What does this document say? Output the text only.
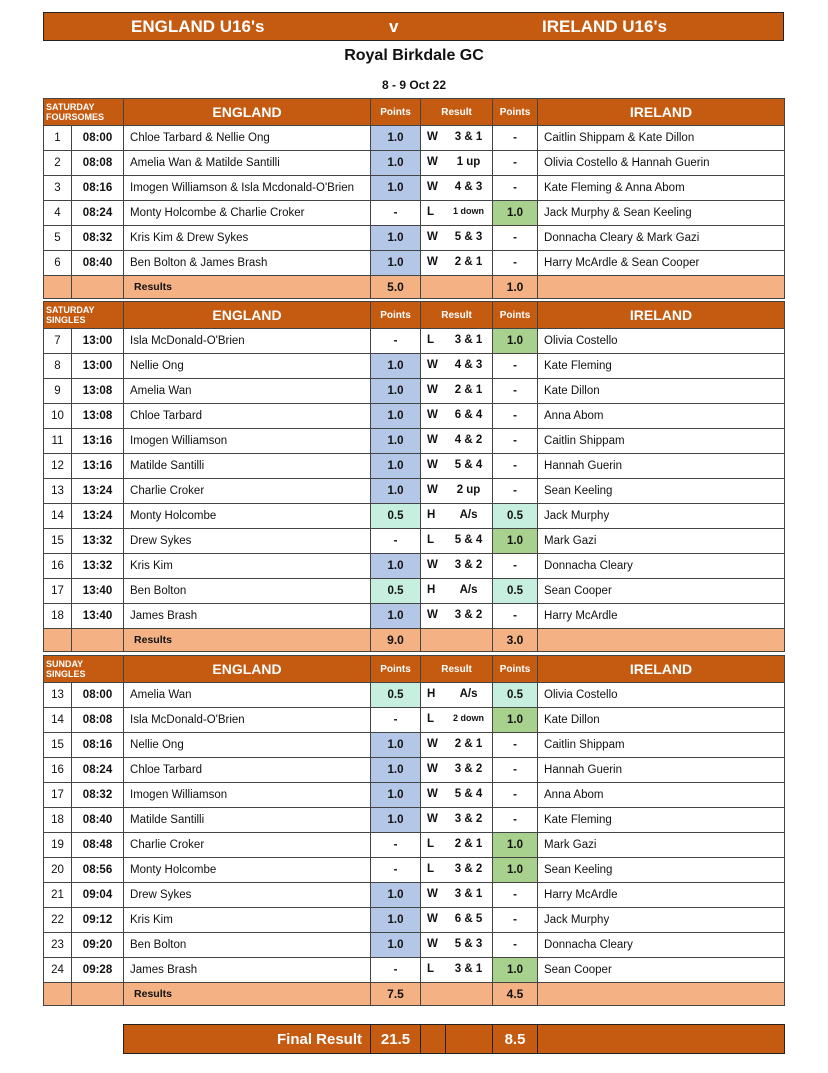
ENGLAND U16's	v	IRELAND U16's
Royal Birkdale GC
8 - 9 Oct 22
SATURDAY
FOURSOMES		ENGLAND	Points	Result	Points	IRELAND
1	08:00	Chloe Tarbard & Nellie Ong	1.0	W 3 & 1	-	Caitlin Shippam & Kate Dillon
2	08:08	Amelia Wan & Matilde Santilli	1.0	W 1 up	-	Olivia Costello & Hannah Guerin
3	08:16	Imogen Williamson & Isla Mcdonald-O'Brien	1.0	W 4 & 3	-	Kate Fleming & Anna Abom
4	08:24	Monty Holcombe & Charlie Croker	-	L 1 down	1.0	Jack Murphy & Sean Keeling
5	08:32	Kris Kim & Drew Sykes	1.0	W 5 & 3	-	Donnacha Cleary & Mark Gazi
6	08:40	Ben Bolton & James Brash	1.0	W 2 & 1	-	Harry McArdle & Sean Cooper
		Results	5.0		1.0	
SATURDAY
SINGLES		ENGLAND	Points	Result	Points	IRELAND
7	13:00	Isla McDonald-O'Brien	-	L 3 & 1	1.0	Olivia Costello
8	13:00	Nellie Ong	1.0	W 4 & 3	-	Kate Fleming
9	13:08	Amelia Wan	1.0	W 2 & 1	-	Kate Dillon
10	13:08	Chloe Tarbard	1.0	W 6 & 4	-	Anna Abom
11	13:16	Imogen Williamson	1.0	W 4 & 2	-	Caitlin Shippam
12	13:16	Matilde Santilli	1.0	W 5 & 4	-	Hannah Guerin
13	13:24	Charlie Croker	1.0	W 2 up	-	Sean Keeling
14	13:24	Monty Holcombe	0.5	H A/s	0.5	Jack Murphy
15	13:32	Drew Sykes	-	L 5 & 4	1.0	Mark Gazi
16	13:32	Kris Kim	1.0	W 3 & 2	-	Donnacha Cleary
17	13:40	Ben Bolton	0.5	H A/s	0.5	Sean Cooper
18	13:40	James Brash	1.0	W 3 & 2	-	Harry McArdle
		Results	9.0		3.0	
SUNDAY
SINGLES		ENGLAND	Points	Result	Points	IRELAND
13	08:00	Amelia Wan	0.5	H A/s	0.5	Olivia Costello
14	08:08	Isla McDonald-O'Brien	-	L 2 down	1.0	Kate Dillon
15	08:16	Nellie Ong	1.0	W 2 & 1	-	Caitlin Shippam
16	08:24	Chloe Tarbard	1.0	W 3 & 2	-	Hannah Guerin
17	08:32	Imogen Williamson	1.0	W 5 & 4	-	Anna Abom
18	08:40	Matilde Santilli	1.0	W 3 & 2	-	Kate Fleming
19	08:48	Charlie Croker	-	L 2 & 1	1.0	Mark Gazi
20	08:56	Monty Holcombe	-	L 3 & 2	1.0	Sean Keeling
21	09:04	Drew Sykes	1.0	W 3 & 1	-	Harry McArdle
22	09:12	Kris Kim	1.0	W 6 & 5	-	Jack Murphy
23	09:20	Ben Bolton	1.0	W 5 & 3	-	Donnacha Cleary
24	09:28	James Brash	-	L 3 & 1	1.0	Sean Cooper
		Results	7.5		4.5	
Final Result	21.5			8.5	
